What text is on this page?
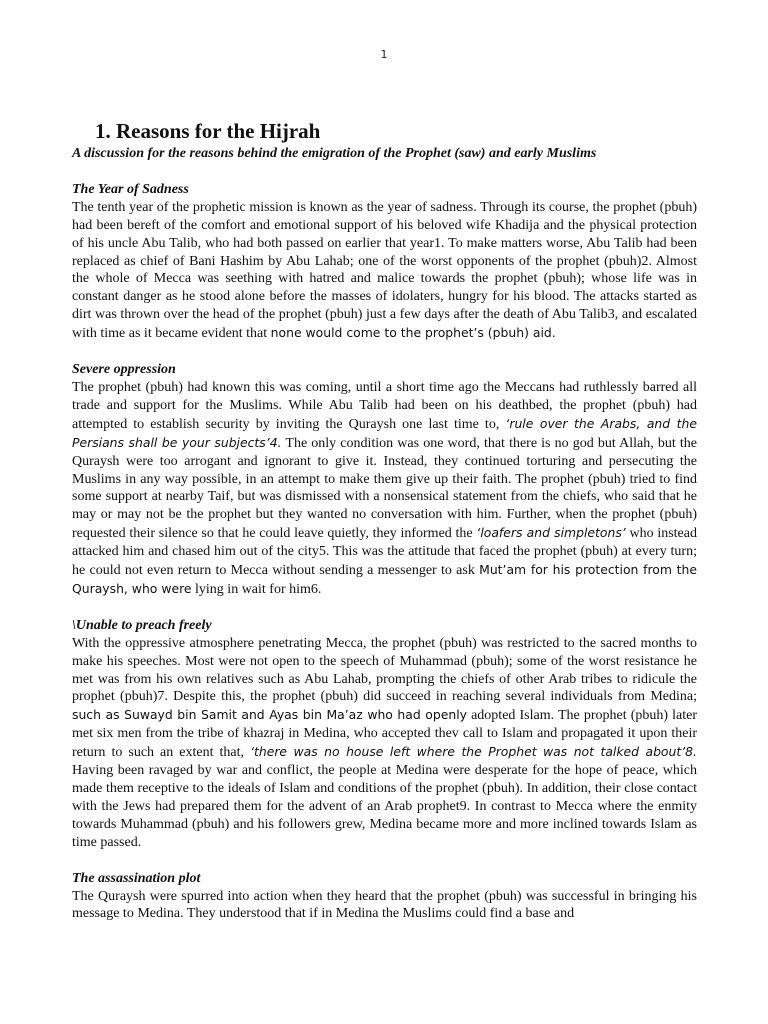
1
1. Reasons for the Hijrah
A discussion for the reasons behind the emigration of the Prophet (saw) and early Muslims
The Year of Sadness

The tenth year of the prophetic mission is known as the year of sadness. Through its course, the prophet (pbuh) had been bereft of the comfort and emotional support of his beloved wife Khadija and the physical protection of his uncle Abu Talib, who had both passed on earlier that year1. To make matters worse, Abu Talib had been replaced as chief of Bani Hashim by Abu Lahab; one of the worst opponents of the prophet (pbuh)2. Almost the whole of Mecca was seething with hatred and malice towards the prophet (pbuh); whose life was in constant danger as he stood alone before the masses of idolaters, hungry for his blood. The attacks started as dirt was thrown over the head of the prophet (pbuh) just a few days after the death of Abu Talib3, and escalated with time as it became evident that none would come to the prophet’s (pbuh) aid.

Severe oppression

The prophet (pbuh) had known this was coming, until a short time ago the Meccans had ruthlessly barred all trade and support for the Muslims. While Abu Talib had been on his deathbed, the prophet (pbuh) had attempted to establish security by inviting the Quraysh one last time to, ‘rule over the Arabs, and the Persians shall be your subjects’4. The only condition was one word, that there is no god but Allah, but the Quraysh were too arrogant and ignorant to give it. Instead, they continued torturing and persecuting the Muslims in any way possible, in an attempt to make them give up their faith. The prophet (pbuh) tried to find some support at nearby Taif, but was dismissed with a nonsensical statement from the chiefs, who said that he may or may not be the prophet but they wanted no conversation with him. Further, when the prophet (pbuh) requested their silence so that he could leave quietly, they informed the ‘loafers and simpletons’ who instead attacked him and chased him out of the city5. This was the attitude that faced the prophet (pbuh) at every turn; he could not even return to Mecca without sending a messenger to ask Mut’am for his protection from the Quraysh, who were lying in wait for him6.

\Unable to preach freely

With the oppressive atmosphere penetrating Mecca, the prophet (pbuh) was restricted to the sacred months to make his speeches. Most were not open to the speech of Muhammad (pbuh); some of the worst resistance he met was from his own relatives such as Abu Lahab, prompting the chiefs of other Arab tribes to ridicule the prophet (pbuh)7. Despite this, the prophet (pbuh) did succeed in reaching several individuals from Medina; such as Suwayd bin Samit and Ayas bin Ma’az who had openly adopted Islam. The prophet (pbuh) later met six men from the tribe of khazraj in Medina, who accepted thev call to Islam and propagated it upon their return to such an extent that, ‘there was no house left where the Prophet was not talked about’8. Having been ravaged by war and conflict, the people at Medina were desperate for the hope of peace, which made them receptive to the ideals of Islam and conditions of the prophet (pbuh). In addition, their close contact with the Jews had prepared them for the advent of an Arab prophet9. In contrast to Mecca where the enmity towards Muhammad (pbuh) and his followers grew, Medina became more and more inclined towards Islam as time passed.

The assassination plot

The Quraysh were spurred into action when they heard that the prophet (pbuh) was successful in bringing his message to Medina. They understood that if in Medina the Muslims could find a base and
